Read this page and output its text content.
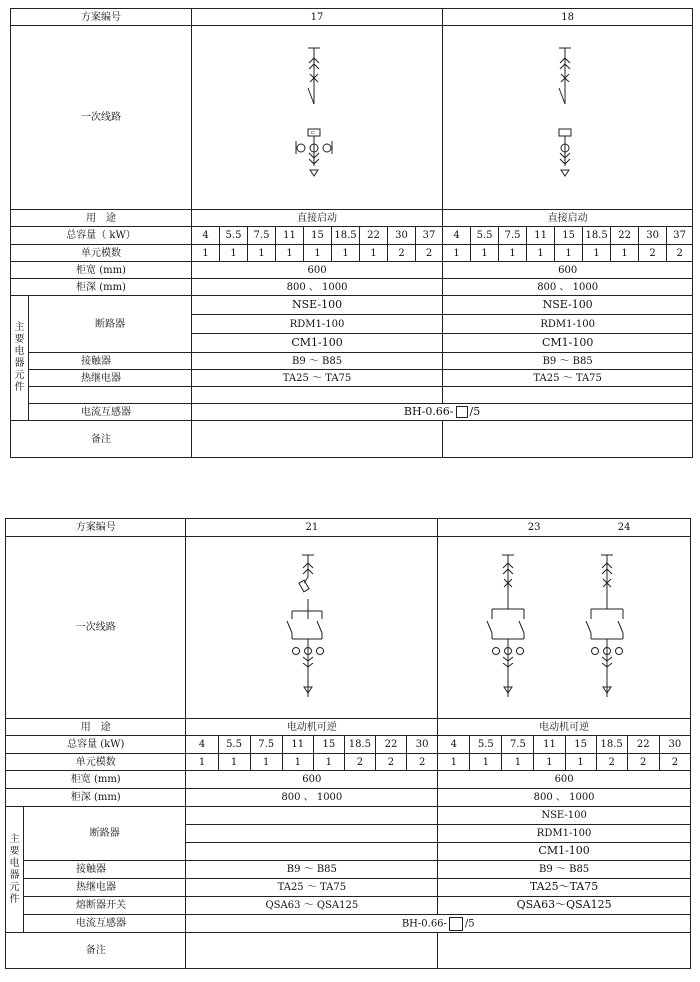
方案编号		17									18								
一次线路		⊏

用　途		直接启动									直接启动								
总容量（ kW）		4	5.5	7.5	11	15	18.5	22	30	37	4	5.5	7.5	11	15	18.5	22	30	37
单元模数		1	1	1	1	1	1	1	2	2	1	1	1	1	1	1	1	2	2
柜宽 (mm)		600									600								
柜深 (mm)		800 、 1000									800 、 1000								
主要电器元件	断路器	NSE-100									NSE-100								
		RDM1-100									RDM1-100								
		CM1-100									CM1-100								
	接触器	B9 ～ B85									B9 ～ B85								
	热继电器	TA25 ～ TA75									TA25 ～ TA75								

	电流互感器	BH-0.66- /5																	
备注																			
方案编号		21								23 24							
一次线路	

用　途		电动机可逆								电动机可逆							
总容量 (kW)		4	5.5	7.5	11	15	18.5	22	30	4	5.5	7.5	11	15	18.5	22	30
单元模数		1	1	1	1	1	2	2	2	1	1	1	1	1	2	2	2
柜宽 (mm)		600								600							
柜深 (mm)		800 、 1000								800 、 1000							
主要电器元件	断路器									NSE-100							
										RDM1-100							
										CM1-100							
	接触器	B9 ～ B85								B9 ～ B85							
	热继电器	TA25 ～ TA75								TA25～TA75							
	熔断器开关	QSA63 ～ QSA125								QSA63～QSA125							
	电流互感器	BH-0.66- /5															
备注																	
